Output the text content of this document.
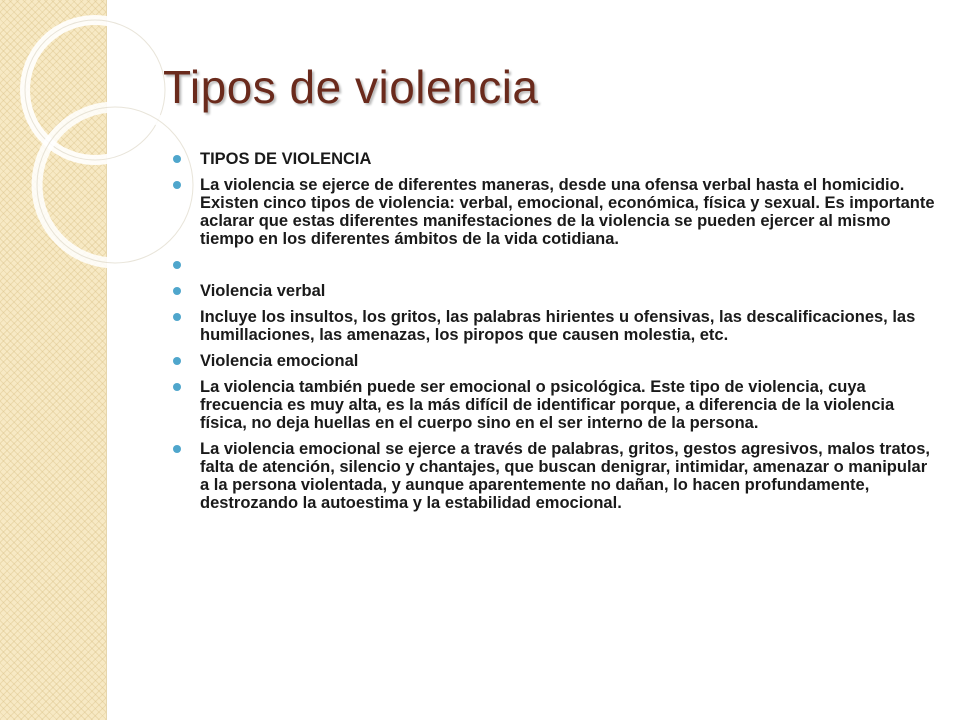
Tipos de violencia
TIPOS DE VIOLENCIA
La violencia se ejerce de diferentes maneras, desde una ofensa verbal hasta el homicidio. Existen cinco tipos de violencia: verbal, emocional, económica, física y sexual. Es importante aclarar que estas diferentes manifestaciones de la violencia se pueden ejercer al mismo tiempo en los diferentes ámbitos de la vida cotidiana.
Violencia verbal
Incluye los insultos, los gritos, las palabras hirientes u ofensivas, las descalificaciones, las humillaciones, las amenazas, los piropos que causen molestia, etc.
Violencia emocional
La violencia también puede ser emocional o psicológica. Este tipo de violencia, cuya frecuencia es muy alta, es la más difícil de identificar porque, a diferencia de la violencia física, no deja huellas en el cuerpo sino en el ser interno de la persona.
La violencia emocional se ejerce a través de palabras, gritos, gestos agresivos, malos tratos, falta de atención, silencio y chantajes, que buscan denigrar, intimidar, amenazar o manipular a la persona violentada, y aunque aparentemente no dañan, lo hacen profundamente, destrozando la autoestima y la estabilidad emocional.
